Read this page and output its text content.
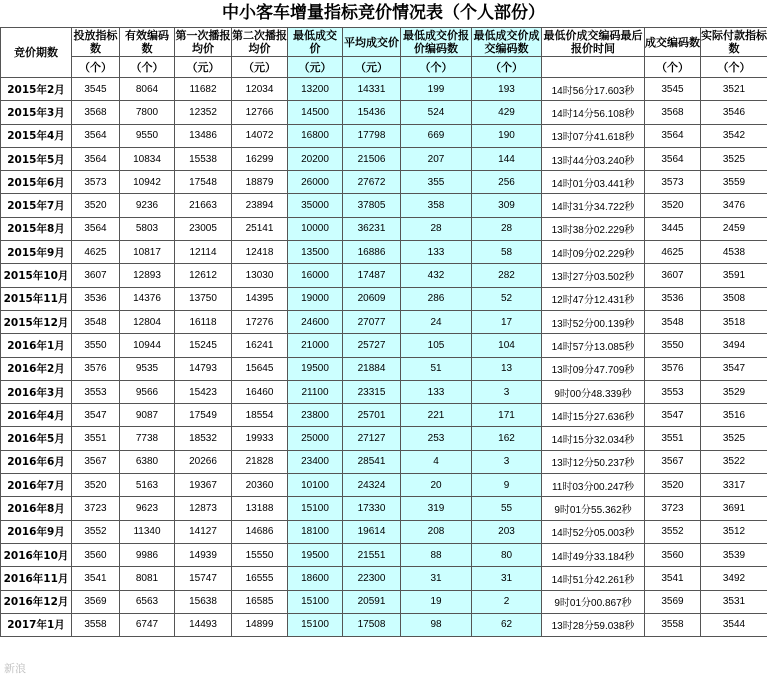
中小客车增量指标竞价情况表（个人部份）
竞价期数	投放指标数	有效编码数	第一次播报均价	第二次播报均价	最低成交价	平均成交价	最低成交价报价编码数	最低成交价成交编码数	最低价成交编码最后报价时间	成交编码数	实际付款指标数
	（个）	（个）	（元）	（元）	（元）	（元）	（个）	（个）		（个）	（个）
2015年2月	3545	8064	11682	12034	13200	14331	199	193	14时56分17.603秒	3545	3521
2015年3月	3568	7800	12352	12766	14500	15436	524	429	14时14分56.108秒	3568	3546
2015年4月	3564	9550	13486	14072	16800	17798	669	190	13时07分41.618秒	3564	3542
2015年5月	3564	10834	15538	16299	20200	21506	207	144	13时44分03.240秒	3564	3525
2015年6月	3573	10942	17548	18879	26000	27672	355	256	14时01分03.441秒	3573	3559
2015年7月	3520	9236	21663	23894	35000	37805	358	309	14时31分34.722秒	3520	3476
2015年8月	3564	5803	23005	25141	10000	36231	28	28	13时38分02.229秒	3445	2459
2015年9月	4625	10817	12114	12418	13500	16886	133	58	14时09分02.229秒	4625	4538
2015年10月	3607	12893	12612	13030	16000	17487	432	282	13时27分03.502秒	3607	3591
2015年11月	3536	14376	13750	14395	19000	20609	286	52	12时47分12.431秒	3536	3508
2015年12月	3548	12804	16118	17276	24600	27077	24	17	13时52分00.139秒	3548	3518
2016年1月	3550	10944	15245	16241	21000	25727	105	104	14时57分13.085秒	3550	3494
2016年2月	3576	9535	14793	15645	19500	21884	51	13	13时09分47.709秒	3576	3547
2016年3月	3553	9566	15423	16460	21100	23315	133	3	9时00分48.339秒	3553	3529
2016年4月	3547	9087	17549	18554	23800	25701	221	171	14时15分27.636秒	3547	3516
2016年5月	3551	7738	18532	19933	25000	27127	253	162	14时15分32.034秒	3551	3525
2016年6月	3567	6380	20266	21828	23400	28541	4	3	13时12分50.237秒	3567	3522
2016年7月	3520	5163	19367	20360	10100	24324	20	9	11时03分00.247秒	3520	3317
2016年8月	3723	9623	12873	13188	15100	17330	319	55	9时01分55.362秒	3723	3691
2016年9月	3552	11340	14127	14686	18100	19614	208	203	14时52分05.003秒	3552	3512
2016年10月	3560	9986	14939	15550	19500	21551	88	80	14时49分33.184秒	3560	3539
2016年11月	3541	8081	15747	16555	18600	22300	31	31	14时51分42.261秒	3541	3492
2016年12月	3569	6563	15638	16585	15100	20591	19	2	9时01分00.867秒	3569	3531
2017年1月	3558	6747	14493	14899	15100	17508	98	62	13时28分59.038秒	3558	3544
新浪
